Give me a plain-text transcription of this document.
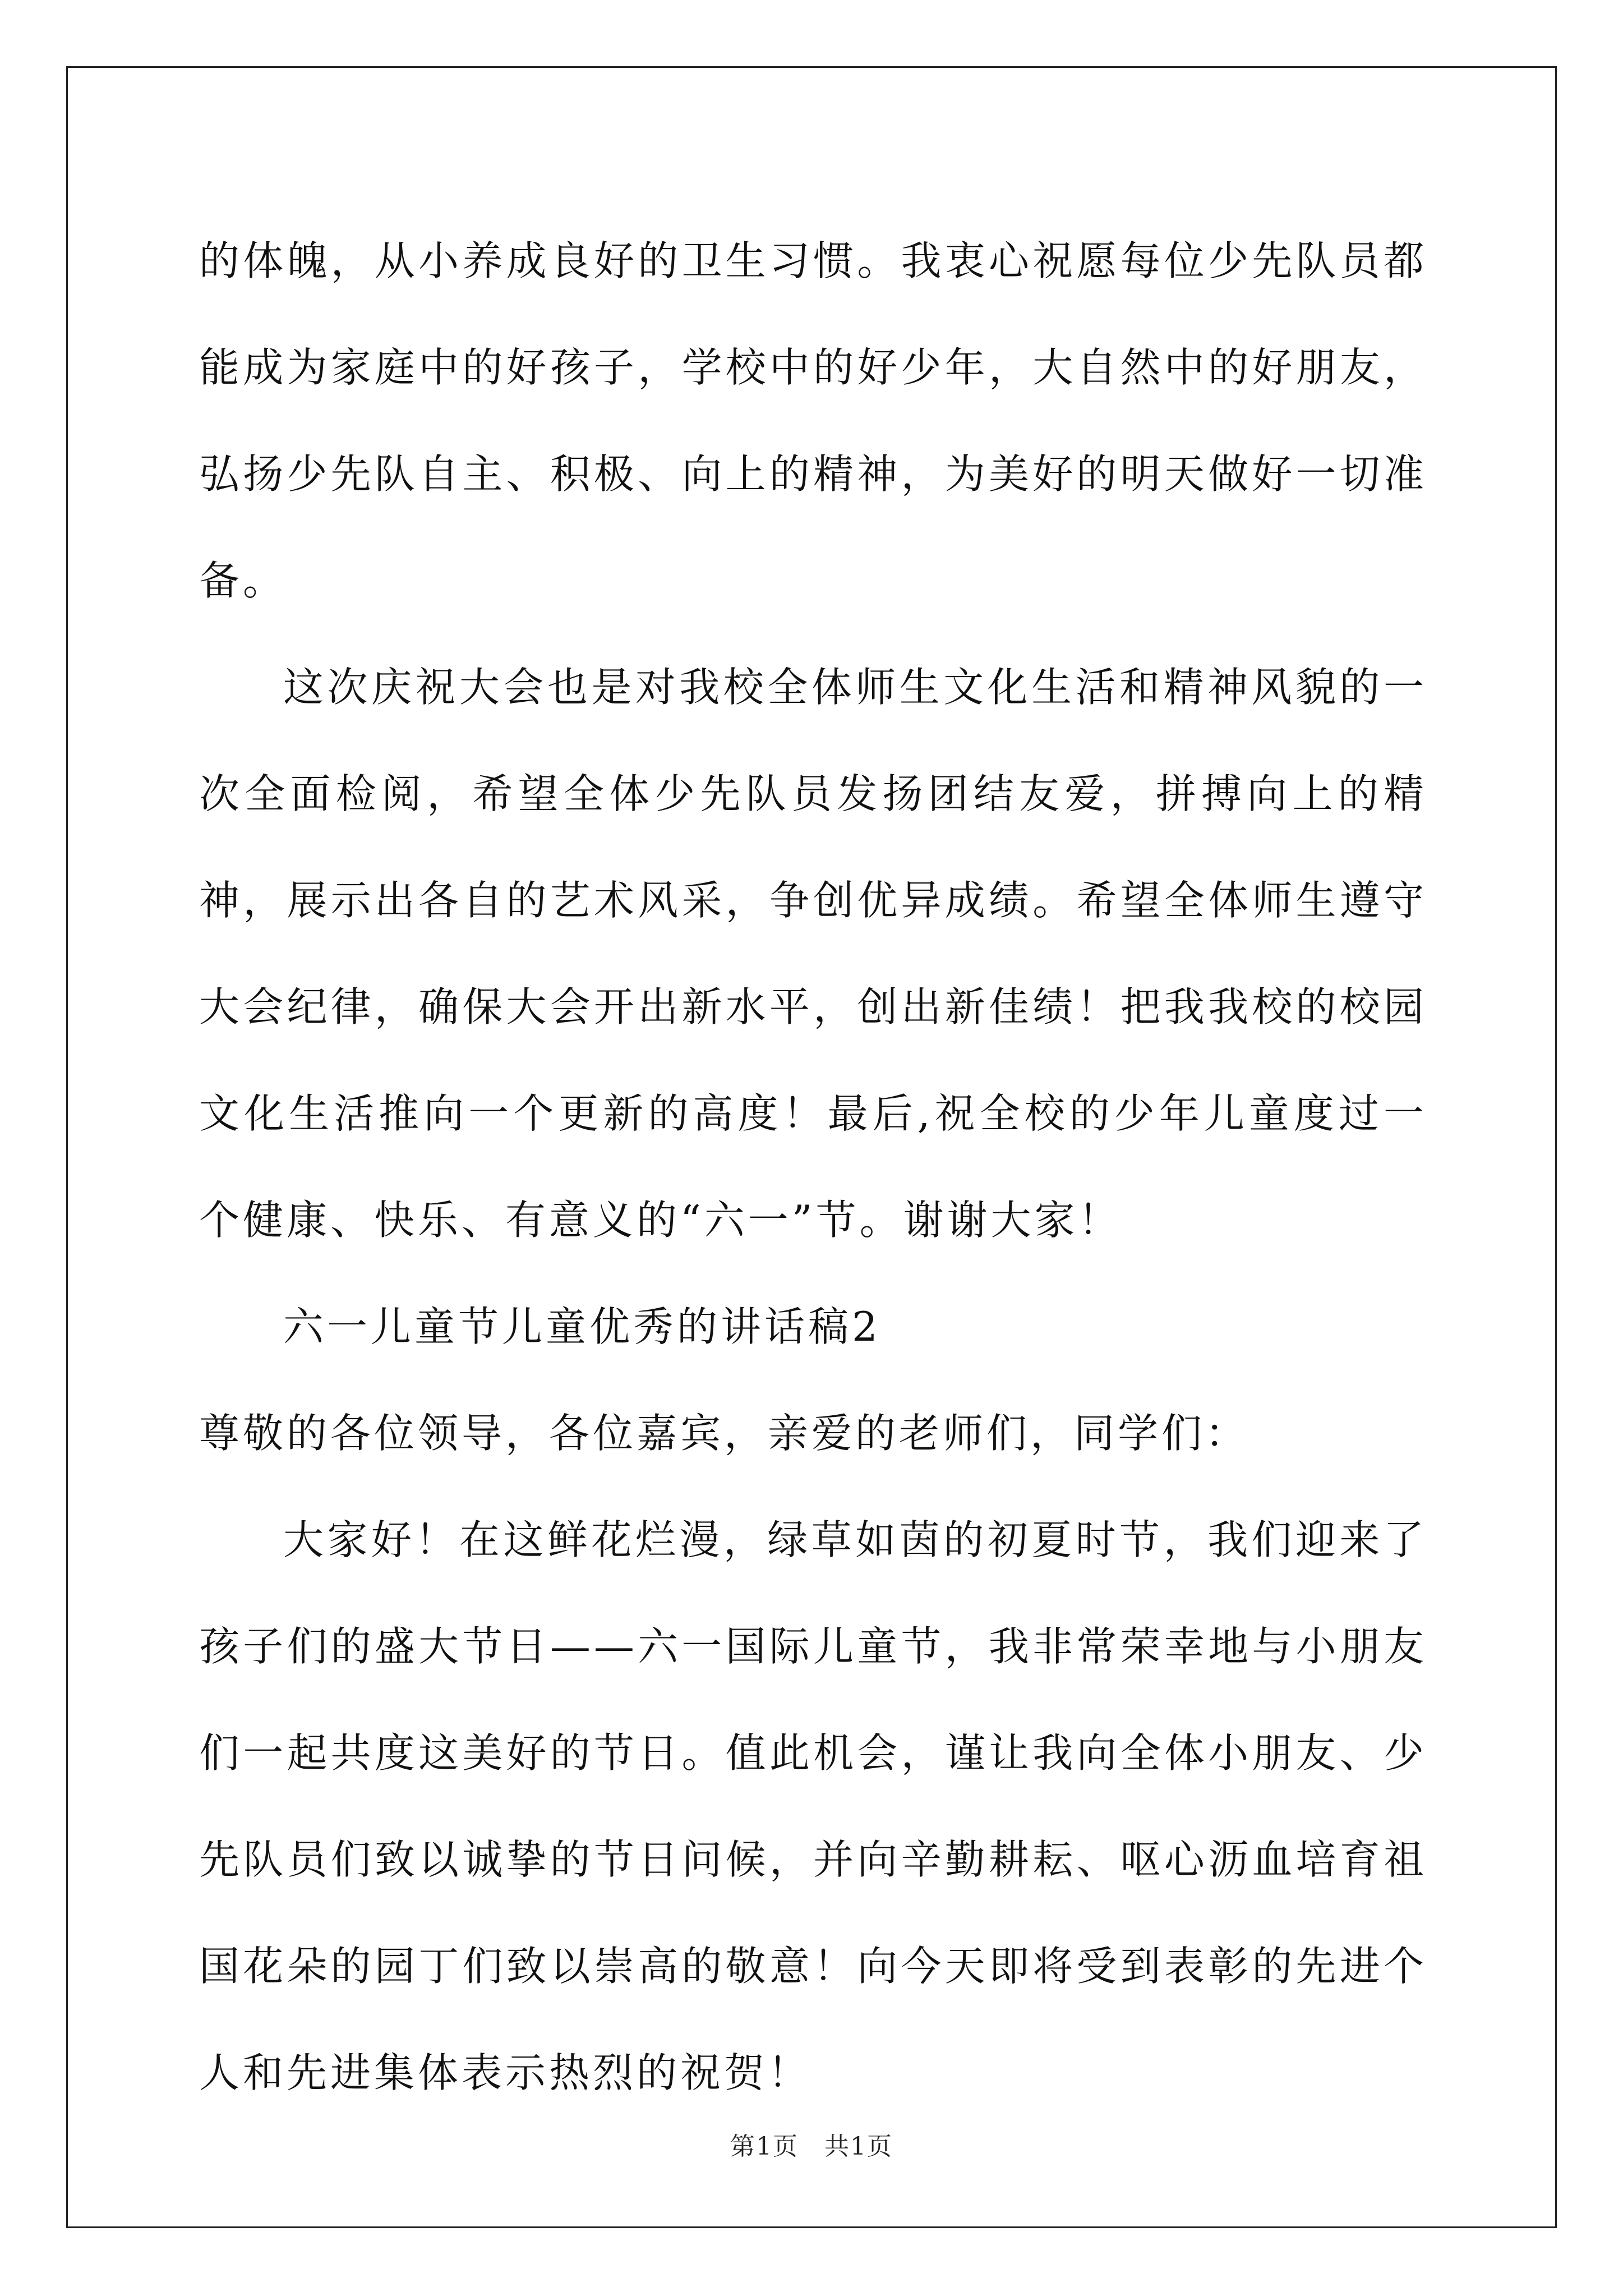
的体魄，从小养成良好的卫生习惯。我衷心祝愿每位少先队员都能成为家庭中的好孩子，学校中的好少年，大自然中的好朋友，弘扬少先队自主、积极、向上的精神，为美好的明天做好一切准备。

这次庆祝大会也是对我校全体师生文化生活和精神风貌的一次全面检阅，希望全体少先队员发扬团结友爱，拼搏向上的精神，展示出各自的艺术风采，争创优异成绩。希望全体师生遵守大会纪律，确保大会开出新水平，创出新佳绩！把我我校的校园文化生活推向一个更新的高度！最后,祝全校的少年儿童度过一个健康、快乐、有意义的“六一”节。谢谢大家！

六一儿童节儿童优秀的讲话稿2

尊敬的各位领导，各位嘉宾，亲爱的老师们，同学们：

大家好！在这鲜花烂漫，绿草如茵的初夏时节，我们迎来了孩子们的盛大节日——六一国际儿童节，我非常荣幸地与小朋友们一起共度这美好的节日。值此机会，谨让我向全体小朋友、少先队员们致以诚挚的节日问候，并向辛勤耕耘、呕心沥血培育祖国花朵的园丁们致以崇高的敬意！向今天即将受到表彰的先进个人和先进集体表示热烈的祝贺！

第1页 共1页
